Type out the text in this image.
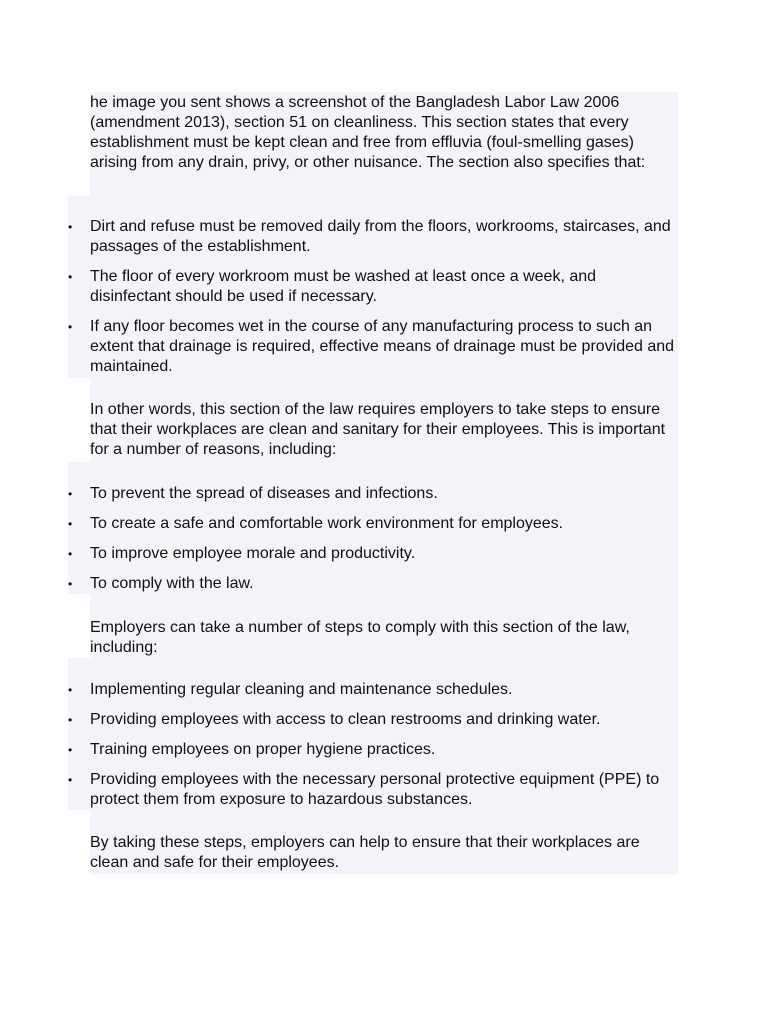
he image you sent shows a screenshot of the Bangladesh Labor Law 2006 (amendment 2013), section 51 on cleanliness. This section states that every establishment must be kept clean and free from effluvia (foul-smelling gases) arising from any drain, privy, or other nuisance. The section also specifies that:

•	Dirt and refuse must be removed daily from the floors, workrooms, staircases, and passages of the establishment.
•	The floor of every workroom must be washed at least once a week, and disinfectant should be used if necessary.
•	If any floor becomes wet in the course of any manufacturing process to such an extent that drainage is required, effective means of drainage must be provided and maintained.

In other words, this section of the law requires employers to take steps to ensure that their workplaces are clean and sanitary for their employees. This is important for a number of reasons, including:

•	To prevent the spread of diseases and infections.
•	To create a safe and comfortable work environment for employees.
•	To improve employee morale and productivity.
•	To comply with the law.

Employers can take a number of steps to comply with this section of the law, including:

•	Implementing regular cleaning and maintenance schedules.
•	Providing employees with access to clean restrooms and drinking water.
•	Training employees on proper hygiene practices.
•	Providing employees with the necessary personal protective equipment (PPE) to protect them from exposure to hazardous substances.

By taking these steps, employers can help to ensure that their workplaces are clean and safe for their employees.
